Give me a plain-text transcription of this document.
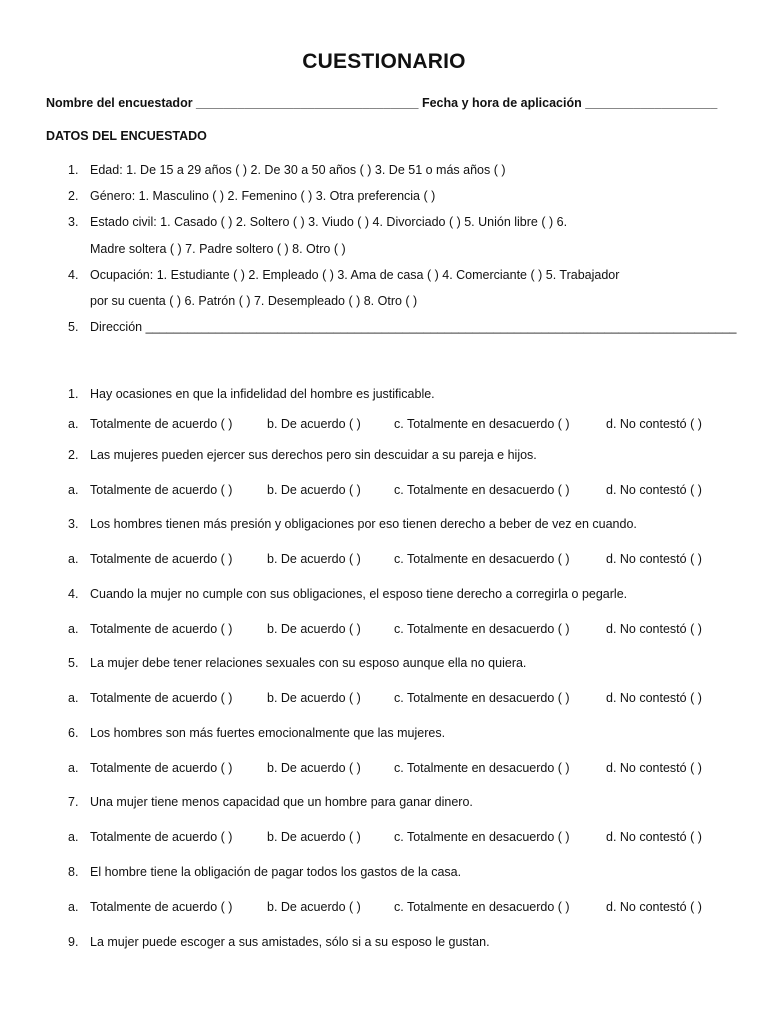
CUESTIONARIO
Nombre del encuestador ________________________________ Fecha y hora de aplicación ___________________
DATOS DEL ENCUESTADO
1. Edad: 1. De 15 a 29 años ( ) 2. De 30 a 50 años ( ) 3. De 51 o más años ( )
2. Género: 1. Masculino ( ) 2. Femenino ( ) 3. Otra preferencia ( )
3. Estado civil: 1. Casado ( ) 2. Soltero ( ) 3. Viudo ( ) 4. Divorciado ( ) 5. Unión libre ( ) 6.
Madre soltera ( ) 7. Padre soltero ( ) 8. Otro ( )
4. Ocupación: 1. Estudiante ( ) 2. Empleado ( ) 3. Ama de casa ( ) 4. Comerciante ( ) 5. Trabajador
por su cuenta ( ) 6. Patrón ( ) 7. Desempleado ( ) 8. Otro ( )
5. Dirección _____________________________________________________________________________________
1. Hay ocasiones en que la infidelidad del hombre es justificable.
a. Totalmente de acuerdo ( )	b. De acuerdo ( )	c. Totalmente en desacuerdo ( )	d. No contestó ( )
2. Las mujeres pueden ejercer sus derechos pero sin descuidar a su pareja e hijos.
a. Totalmente de acuerdo ( )	b. De acuerdo ( )	c. Totalmente en desacuerdo ( )	d. No contestó ( )
3. Los hombres tienen más presión y obligaciones por eso tienen derecho a beber de vez en cuando.
a. Totalmente de acuerdo ( )	b. De acuerdo ( )	c. Totalmente en desacuerdo ( )	d. No contestó ( )
4. Cuando la mujer no cumple con sus obligaciones, el esposo tiene derecho a corregirla o pegarle.
a. Totalmente de acuerdo ( )	b. De acuerdo ( )	c. Totalmente en desacuerdo ( )	d. No contestó ( )
5. La mujer debe tener relaciones sexuales con su esposo aunque ella no quiera.
a. Totalmente de acuerdo ( )	b. De acuerdo ( )	c. Totalmente en desacuerdo ( )	d. No contestó ( )
6. Los hombres son más fuertes emocionalmente que las mujeres.
a. Totalmente de acuerdo ( )	b. De acuerdo ( )	c. Totalmente en desacuerdo ( )	d. No contestó ( )
7. Una mujer tiene menos capacidad que un hombre para ganar dinero.
a. Totalmente de acuerdo ( )	b. De acuerdo ( )	c. Totalmente en desacuerdo ( )	d. No contestó ( )
8. El hombre tiene la obligación de pagar todos los gastos de la casa.
a. Totalmente de acuerdo ( )	b. De acuerdo ( )	c. Totalmente en desacuerdo ( )	d. No contestó ( )
9. La mujer puede escoger a sus amistades, sólo si a su esposo le gustan.
